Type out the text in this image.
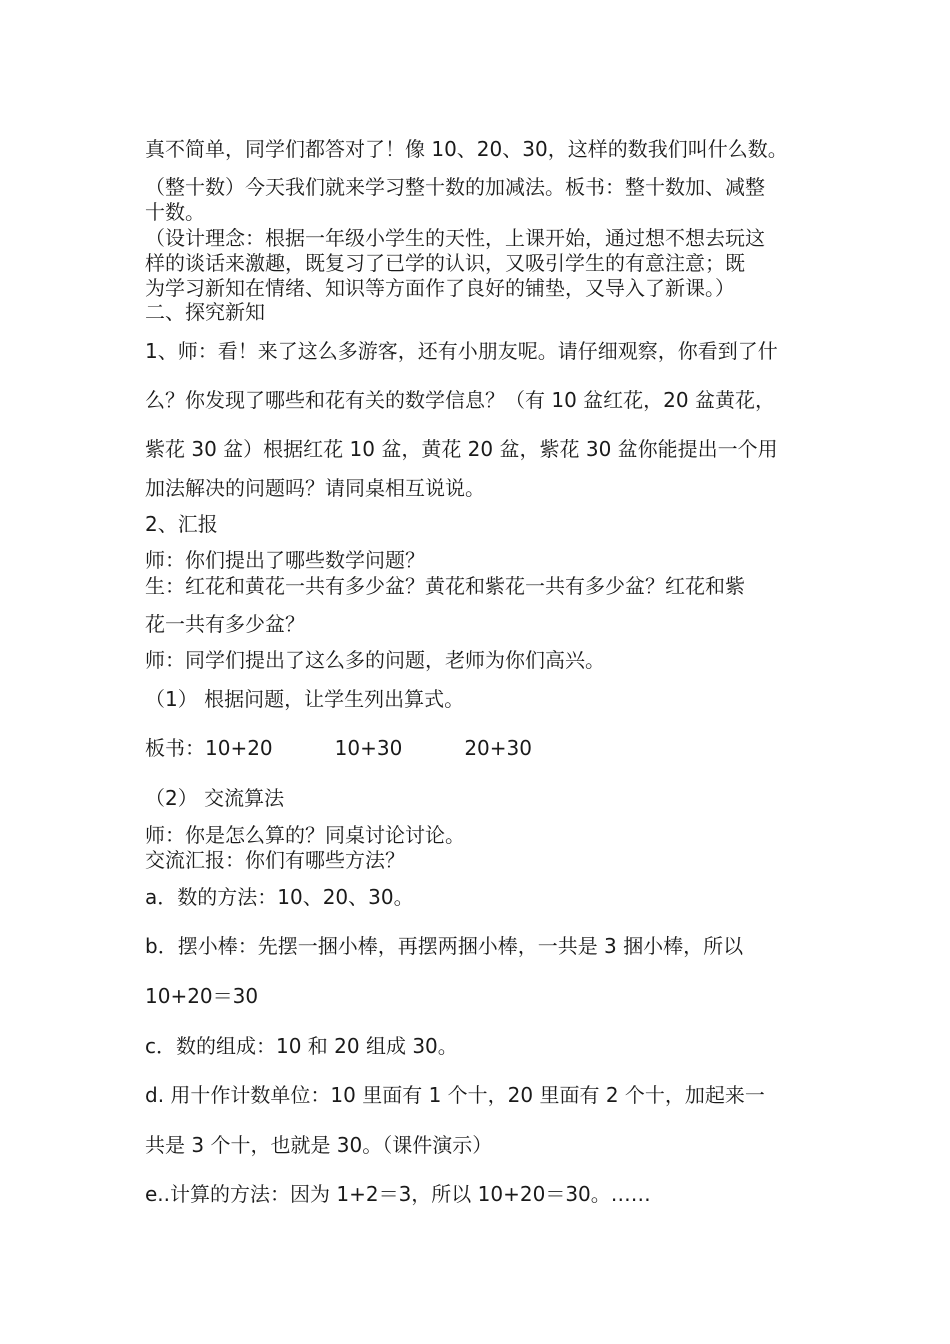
真不简单，同学们都答对了！像 10、20、30，这样的数我们叫什么数。
（整十数）今天我们就来学习整十数的加减法。板书：整十数加、减整
十数。
（设计理念：根据一年级小学生的天性，上课开始，通过想不想去玩这
样的谈话来激趣，既复习了已学的认识，又吸引学生的有意注意；既
为学习新知在情绪、知识等方面作了良好的铺垫，又导入了新课。）
二、探究新知
1、师：看！来了这么多游客，还有小朋友呢。请仔细观察，你看到了什
么？你发现了哪些和花有关的数学信息？（有 10 盆红花，20 盆黄花，
紫花 30 盆）根据红花 10 盆，黄花 20 盆，紫花 30 盆你能提出一个用
加法解决的问题吗？请同桌相互说说。
2、汇报
师：你们提出了哪些数学问题？
生：红花和黄花一共有多少盆？黄花和紫花一共有多少盆？红花和紫
花一共有多少盆？
师：同学们提出了这么多的问题，老师为你们高兴。
（1） 根据问题，让学生列出算式。
板书：10+20	10+30	20+30
（2） 交流算法
师：你是怎么算的？同桌讨论讨论。
交流汇报：你们有哪些方法？
a．数的方法：10、20、30。
b．摆小棒：先摆一捆小棒，再摆两捆小棒，一共是 3 捆小棒，所以
10+20＝30
c．数的组成：10 和 20 组成 30。
d. 用十作计数单位：10 里面有 1 个十，20 里面有 2 个十，加起来一
共是 3 个十，也就是 30。（课件演示）
e..计算的方法：因为 1+2＝3，所以 10+20＝30。……
